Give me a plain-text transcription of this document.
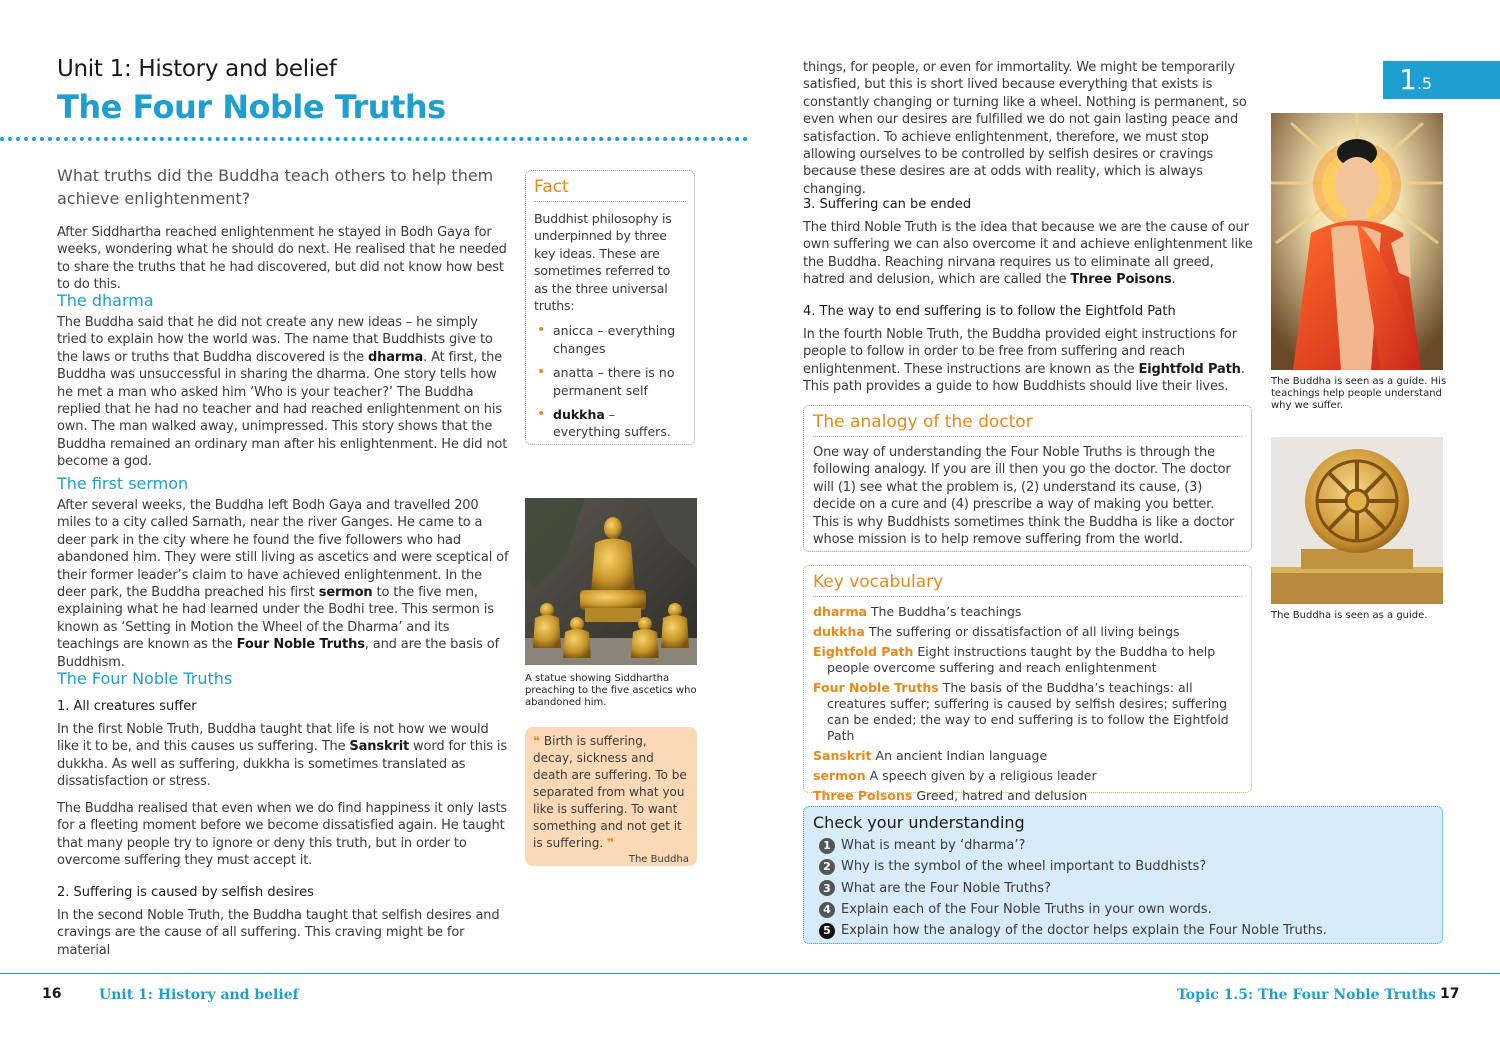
Unit 1: History and belief
The Four Noble Truths
1.5

What truths did the Buddha teach others to help them achieve enlightenment?

After Siddhartha reached enlightenment he stayed in Bodh Gaya for weeks, wondering what he should do next. He realised that he needed to share the truths that he had discovered, but did not know how best to do this.

The dharma

The Buddha said that he did not create any new ideas – he simply tried to explain how the world was. The name that Buddhists give to the laws or truths that Buddha discovered is the dharma. At first, the Buddha was unsuccessful in sharing the dharma. One story tells how he met a man who asked him ‘Who is your teacher?’ The Buddha replied that he had no teacher and had reached enlightenment on his own. The man walked away, unimpressed. This story shows that the Buddha remained an ordinary man after his enlightenment. He did not become a god.

The first sermon

After several weeks, the Buddha left Bodh Gaya and travelled 200 miles to a city called Sarnath, near the river Ganges. He came to a deer park in the city where he found the five followers who had abandoned him. They were still living as ascetics and were sceptical of their former leader’s claim to have achieved enlightenment. In the deer park, the Buddha preached his first sermon to the five men, explaining what he had learned under the Bodhi tree. This sermon is known as ‘Setting in Motion the Wheel of the Dharma’ and its teachings are known as the Four Noble Truths, and are the basis of Buddhism.

The Four Noble Truths
1. All creatures suffer

In the first Noble Truth, Buddha taught that life is not how we would like it to be, and this causes us suffering. The Sanskrit word for this is dukkha. As well as suffering, dukkha is sometimes translated as dissatisfaction or stress.

The Buddha realised that even when we do find happiness it only lasts for a fleeting moment before we become dissatisfied again. He taught that many people try to ignore or deny this truth, but in order to overcome suffering they must accept it.

2. Suffering is caused by selfish desires

In the second Noble Truth, the Buddha taught that selfish desires and cravings are the cause of all suffering. This craving might be for material

Fact

Buddhist philosophy is underpinned by three key ideas. These are sometimes referred to as the three universal truths:

• anicca – everything changes
• anatta – there is no permanent self
• dukkha – everything suffers.

A statue showing Siddhartha preaching to the five ascetics who abandoned him.

❝ Birth is suffering, decay, sickness and death are suffering. To be separated from what you like is suffering. To want something and not get it is suffering. ❞

The Buddha

things, for people, or even for immortality. We might be temporarily satisfied, but this is short lived because everything that exists is constantly changing or turning like a wheel. Nothing is permanent, so even when our desires are fulfilled we do not gain lasting peace and satisfaction. To achieve enlightenment, therefore, we must stop allowing ourselves to be controlled by selfish desires or cravings because these desires are at odds with reality, which is always changing.

3. Suffering can be ended

The third Noble Truth is the idea that because we are the cause of our own suffering we can also overcome it and achieve enlightenment like the Buddha. Reaching nirvana requires us to eliminate all greed, hatred and delusion, which are called the Three Poisons.

4. The way to end suffering is to follow the Eightfold Path

In the fourth Noble Truth, the Buddha provided eight instructions for people to follow in order to be free from suffering and reach enlightenment. These instructions are known as the Eightfold Path. This path provides a guide to how Buddhists should live their lives.

The analogy of the doctor

One way of understanding the Four Noble Truths is through the following analogy. If you are ill then you go the doctor. The doctor will (1) see what the problem is, (2) understand its cause, (3) decide on a cure and (4) prescribe a way of making you better. This is why Buddhists sometimes think the Buddha is like a doctor whose mission is to help remove suffering from the world.

Key vocabulary
dharma The Buddha’s teachings
dukkha The suffering or dissatisfaction of all living beings
Eightfold Path Eight instructions taught by the Buddha to help people overcome suffering and reach enlightenment
Four Noble Truths The basis of the Buddha’s teachings: all creatures suffer; suffering is caused by selfish desires; suffering can be ended; the way to end suffering is to follow the Eightfold Path
Sanskrit An ancient Indian language
sermon A speech given by a religious leader
Three Poisons Greed, hatred and delusion
Check your understanding
1 What is meant by ‘dharma’?
2 Why is the symbol of the wheel important to Buddhists?
3 What are the Four Noble Truths?
4 Explain each of the Four Noble Truths in your own words.
5 Explain how the analogy of the doctor helps explain the Four Noble Truths.

The Buddha is seen as a guide. His teachings help people understand why we suffer.

The Buddha is seen as a guide.

16	Unit 1: History and belief	Topic 1.5: The Four Noble Truths 17
